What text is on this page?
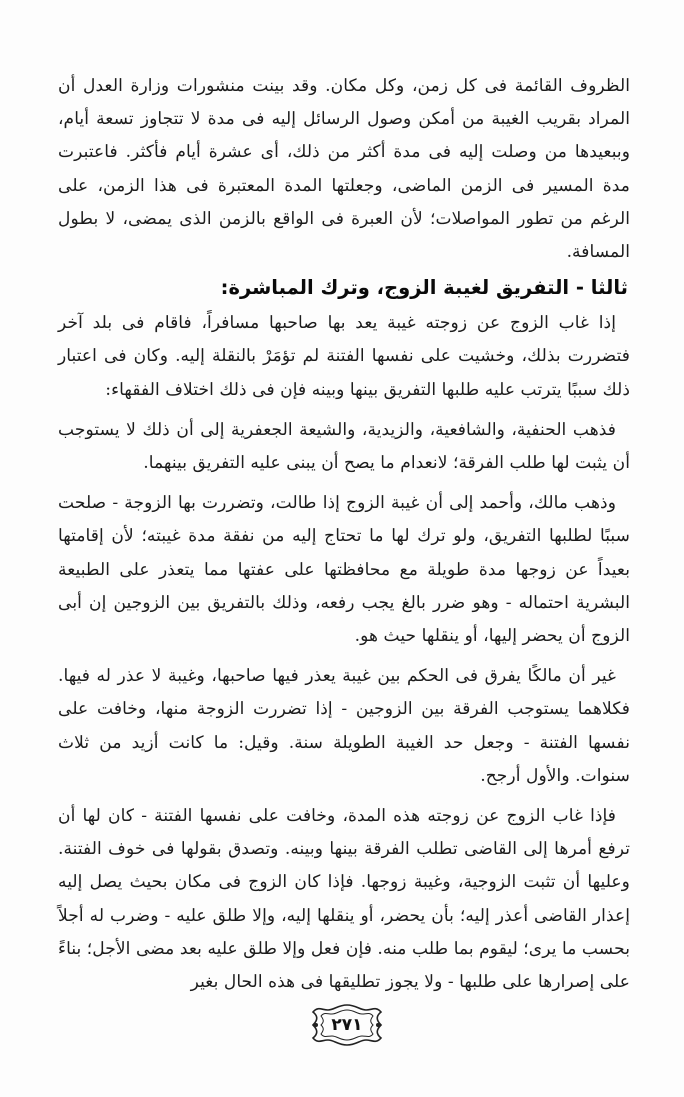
الظروف القائمة فى كل زمن، وكل مكان. وقد بينت منشورات وزارة العدل أن المراد بقريب الغيبة من أمكن وصول الرسائل إليه فى مدة لا تتجاوز تسعة أيام، وببعيدها من وصلت إليه فى مدة أكثر من ذلك، أى عشرة أيام فأكثر. فاعتبرت مدة المسير فى الزمن الماضى، وجعلتها المدة المعتبرة فى هذا الزمن، على الرغم من تطور المواصلات؛ لأن العبرة فى الواقع بالزمن الذى يمضى، لا بطول المسافة.

ثالثا - التفريق لغيبة الزوج، وترك المباشرة:

إذا غاب الزوج عن زوجته غيبة يعد بها صاحبها مسافراً، فاقام فى بلد آخر فتضررت بذلك، وخشيت على نفسها الفتنة لم تؤمَرْ بالنقلة إليه. وكان فى اعتبار ذلك سببًا يترتب عليه طلبها التفريق بينها وبينه فإن فى ذلك اختلاف الفقهاء:

فذهب الحنفية، والشافعية، والزيدية، والشيعة الجعفرية إلى أن ذلك لا يستوجب أن يثبت لها طلب الفرقة؛ لانعدام ما يصح أن يبنى عليه التفريق بينهما.

وذهب مالك، وأحمد إلى أن غيبة الزوج إذا طالت، وتضررت بها الزوجة - صلحت سببًا لطلبها التفريق، ولو ترك لها ما تحتاج إليه من نفقة مدة غيبته؛ لأن إقامتها بعيداً عن زوجها مدة طويلة مع محافظتها على عفتها مما يتعذر على الطبيعة البشرية احتماله - وهو ضرر بالغ يجب رفعه، وذلك بالتفريق بين الزوجين إن أبى الزوج أن يحضر إليها، أو ينقلها حيث هو.

غير أن مالكًا يفرق فى الحكم بين غيبة يعذر فيها صاحبها، وغيبة لا عذر له فيها. فكلاهما يستوجب الفرقة بين الزوجين - إذا تضررت الزوجة منها، وخافت على نفسها الفتنة - وجعل حد الغيبة الطويلة سنة. وقيل: ما كانت أزيد من ثلاث سنوات. والأول أرجح.

فإذا غاب الزوج عن زوجته هذه المدة، وخافت على نفسها الفتنة - كان لها أن ترفع أمرها إلى القاضى تطلب الفرقة بينها وبينه. وتصدق بقولها فى خوف الفتنة. وعليها أن تثبت الزوجية، وغيبة زوجها. فإذا كان الزوج فى مكان بحيث يصل إليه إعذار القاضى أعذر إليه؛ بأن يحضر، أو ينقلها إليه، وإلا طلق عليه - وضرب له أجلاً بحسب ما يرى؛ ليقوم بما طلب منه. فإن فعل وإلا طلق عليه بعد مضى الأجل؛ بناءً على إصرارها على طلبها - ولا يجوز تطليقها فى هذه الحال بغير

٢٧١
